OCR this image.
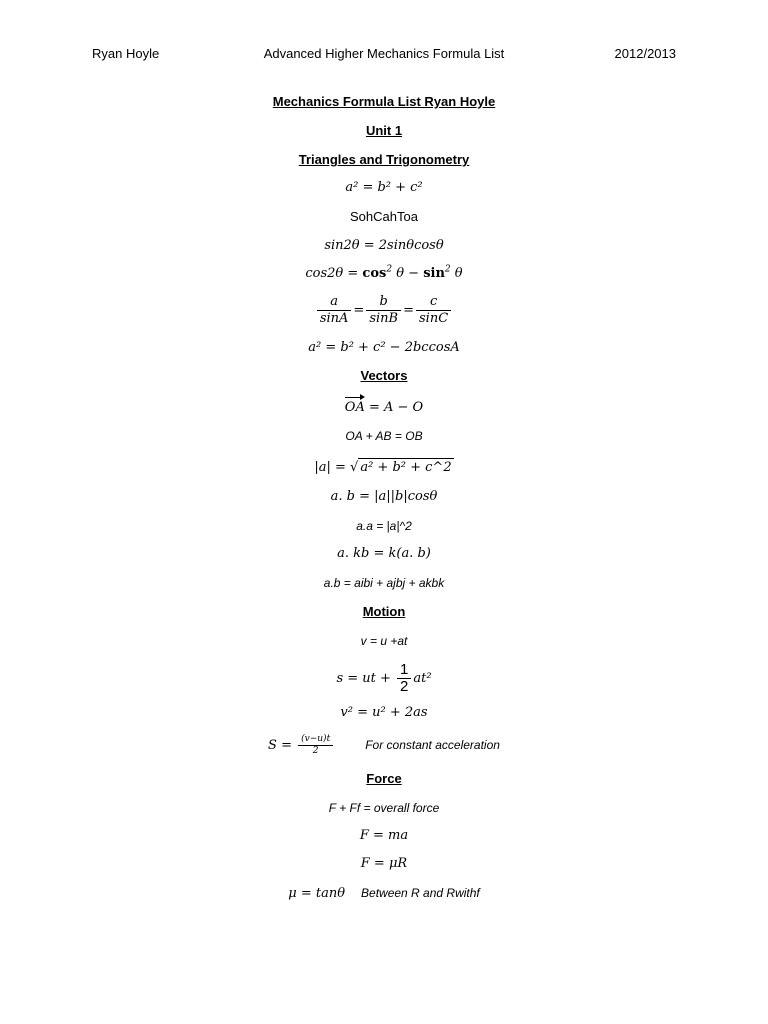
Ryan Hoyle	Advanced Higher Mechanics Formula List	2012/2013
Mechanics Formula List Ryan Hoyle
Unit 1
Triangles and Trigonometry
a² = b² + c²
SohCahToa
sin2θ = 2sinθcosθ
$\cos 2\theta = \cos^2 \theta - \sin^2 \theta$
$\frac{a}{\sin A} = \frac{b}{\sin B} = \frac{c}{\sin C}$
a² = b² + c² − 2bccosA
Vectors
OA = A − O
OA + AB = OB
|a| = √ a² + b² + c^2
a. b = |a||b|cosθ
a.a = |a|^2
a. kb = k(a. b)
a.b = aibi + ajbj + akbk
Motion
v = u +at
s = ut + $\frac{1}{2} at^2$
v² = u² + 2as
$S = \frac{(v-u)t}{2}$	For constant acceleration
Force
F + Ff = overall force
F = ma
F = μR
μ = tanθ Between R and Rwithf
